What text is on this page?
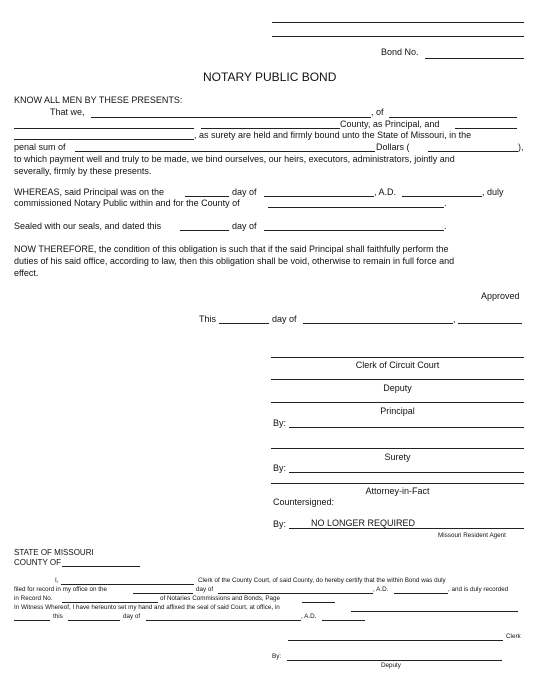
Bond No.
NOTARY PUBLIC BOND
KNOW ALL MEN BY THESE PRESENTS:
That we,	, of
County, as Principal, and
, as surety are held and firmly bound unto the State of Missouri, in the
penal sum of	Dollars (	),
to which payment well and truly to be made, we bind ourselves, our heirs, executors, administrators, jointly and
severally, firmly by these presents.
WHEREAS, said Principal was on the	day of	, A.D.	, duly
commissioned Notary Public within and for the County of	.
Sealed with our seals, and dated this	day of	.
NOW THEREFORE, the condition of this obligation is such that if the said Principal shall faithfully perform the
duties of his said office, according to law, then this obligation shall be void, otherwise to remain in full force and
effect.
Approved
This	day of	,
Clerk of Circuit Court
Deputy
Principal
By:
Surety
By:
Attorney-in-Fact
Countersigned:
By:	NO LONGER REQUIRED
Missouri Resident Agent
STATE OF MISSOURI
COUNTY OF
I,	Clerk of the County Court, of said County, do hereby certify that the within Bond was duly
filed for record in my office on the	day of	, A.D.	, and is duly recorded
in Record No.	of Notaries Commissions and Bonds, Page
In Witness Whereof, I have hereunto set my hand and affixed the seal of said Court, at office, in
this	day of	, A.D.
Clerk
By:
Deputy
